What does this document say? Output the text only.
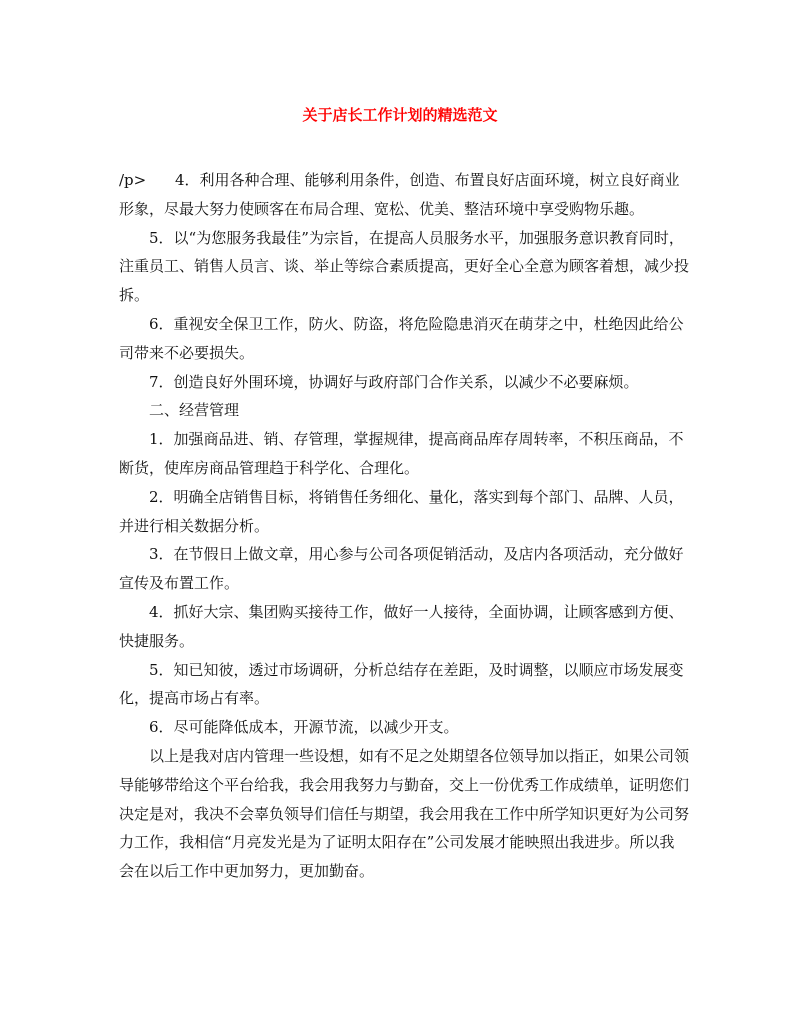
关于店长工作计划的精选范文

/p> 4．利用各种合理、能够利用条件，创造、布置良好店面环境，树立良好商业形象，尽最大努力使顾客在布局合理、宽松、优美、整洁环境中享受购物乐趣。

5．以“为您服务我最佳”为宗旨，在提高人员服务水平，加强服务意识教育同时，注重员工、销售人员言、谈、举止等综合素质提高，更好全心全意为顾客着想，减少投拆。

6．重视安全保卫工作，防火、防盗，将危险隐患消灭在萌芽之中，杜绝因此给公司带来不必要损失。

7．创造良好外围环境，协调好与政府部门合作关系，以减少不必要麻烦。

二、经营管理

1．加强商品进、销、存管理，掌握规律，提高商品库存周转率，不积压商品，不断货，使库房商品管理趋于科学化、合理化。

2．明确全店销售目标，将销售任务细化、量化，落实到每个部门、品牌、人员，并进行相关数据分析。

3．在节假日上做文章，用心参与公司各项促销活动，及店内各项活动，充分做好宣传及布置工作。

4．抓好大宗、集团购买接待工作，做好一人接待，全面协调，让顾客感到方便、快捷服务。

5．知已知彼，透过市场调研，分析总结存在差距，及时调整，以顺应市场发展变化，提高市场占有率。

6．尽可能降低成本，开源节流，以减少开支。

以上是我对店内管理一些设想，如有不足之处期望各位领导加以指正，如果公司领导能够带给这个平台给我，我会用我努力与勤奋，交上一份优秀工作成绩单，证明您们决定是对，我决不会辜负领导们信任与期望，我会用我在工作中所学知识更好为公司努力工作，我相信“月亮发光是为了证明太阳存在”公司发展才能映照出我进步。所以我会在以后工作中更加努力，更加勤奋。
